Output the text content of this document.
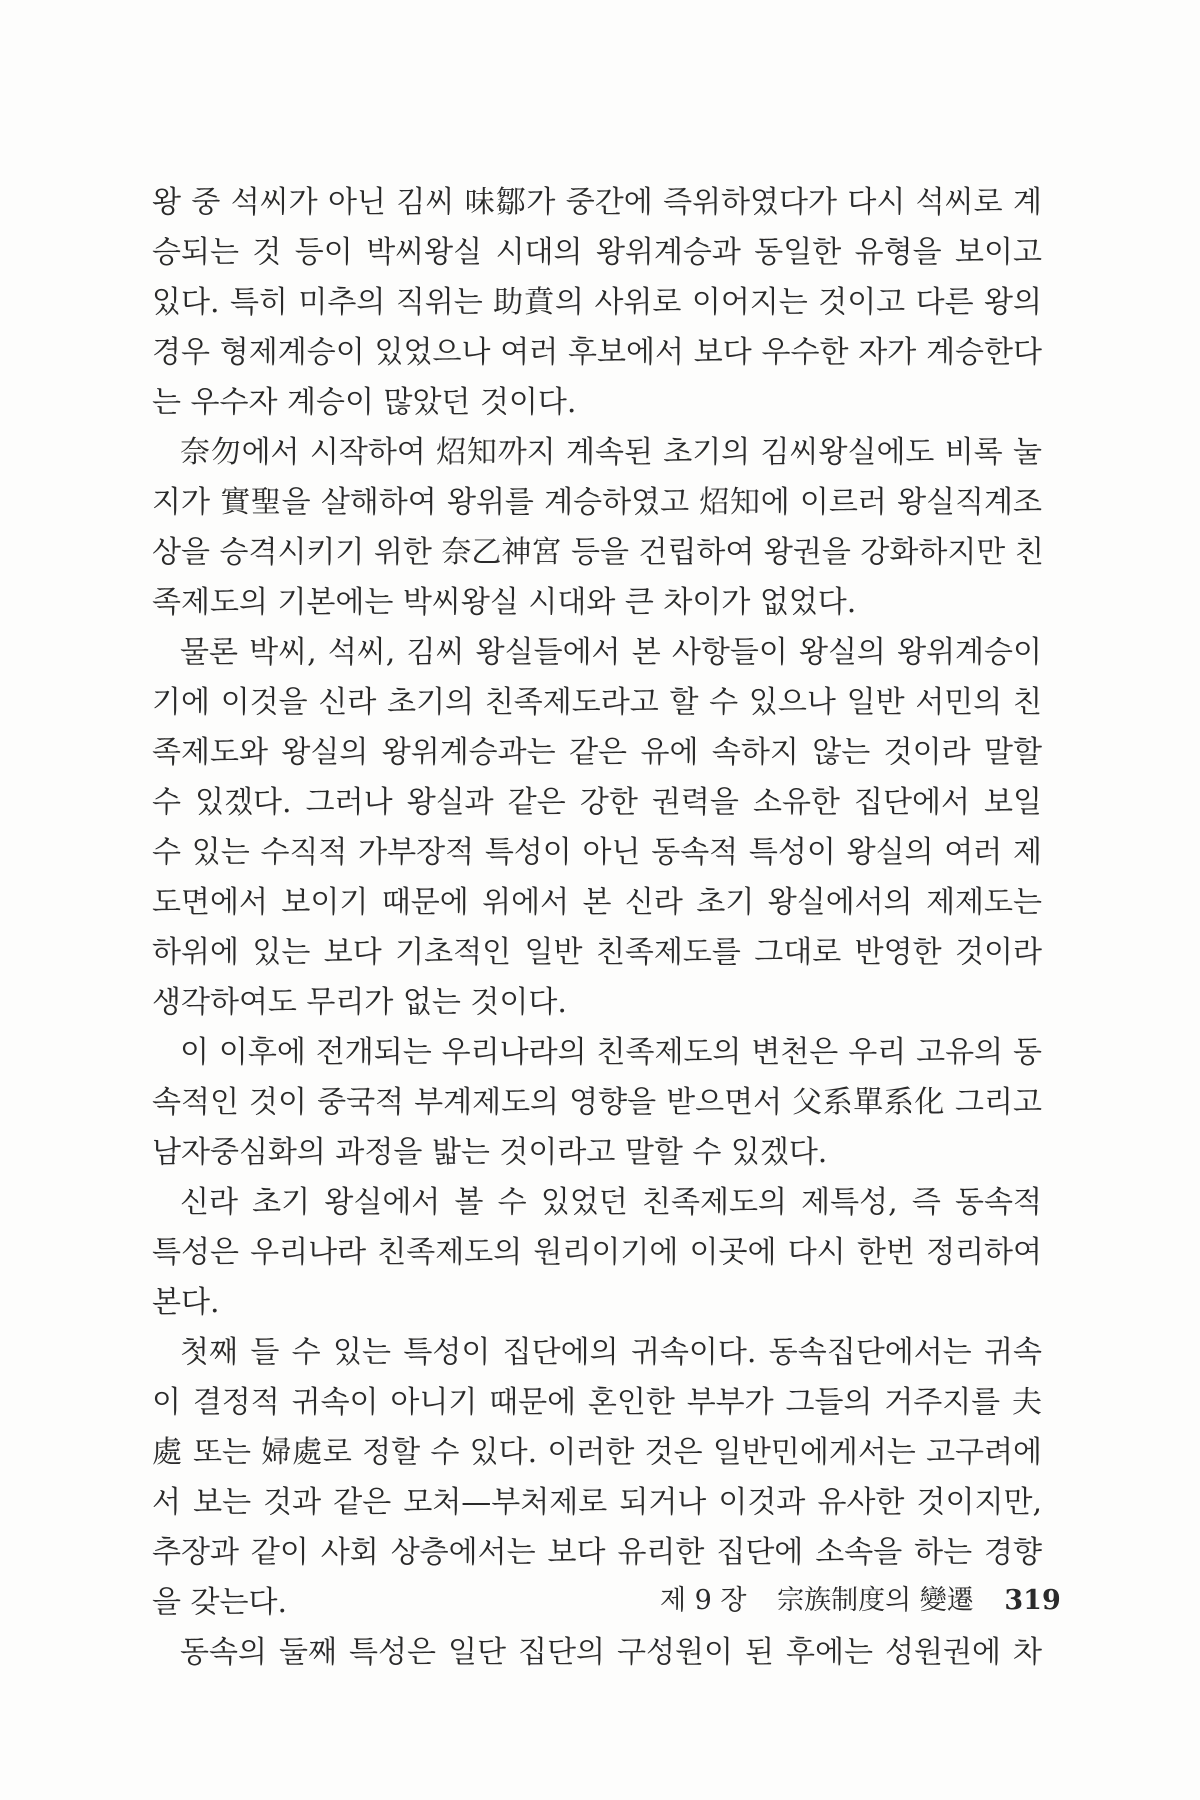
왕 중 석씨가 아닌 김씨 味鄒가 중간에 즉위하였다가 다시 석씨로 계
승되는 것 등이 박씨왕실 시대의 왕위계승과 동일한 유형을 보이고
있다. 특히 미추의 직위는 助賁의 사위로 이어지는 것이고 다른 왕의
경우 형제계승이 있었으나 여러 후보에서 보다 우수한 자가 계승한다
는 우수자 계승이 많았던 것이다.

奈勿에서 시작하여 炤知까지 계속된 초기의 김씨왕실에도 비록 눌
지가 實聖을 살해하여 왕위를 계승하였고 炤知에 이르러 왕실직계조
상을 승격시키기 위한 奈乙神宮 등을 건립하여 왕권을 강화하지만 친
족제도의 기본에는 박씨왕실 시대와 큰 차이가 없었다.

물론 박씨, 석씨, 김씨 왕실들에서 본 사항들이 왕실의 왕위계승이
기에 이것을 신라 초기의 친족제도라고 할 수 있으나 일반 서민의 친
족제도와 왕실의 왕위계승과는 같은 유에 속하지 않는 것이라 말할
수 있겠다. 그러나 왕실과 같은 강한 권력을 소유한 집단에서 보일
수 있는 수직적 가부장적 특성이 아닌 동속적 특성이 왕실의 여러 제
도면에서 보이기 때문에 위에서 본 신라 초기 왕실에서의 제제도는
하위에 있는 보다 기초적인 일반 친족제도를 그대로 반영한 것이라
생각하여도 무리가 없는 것이다.

이 이후에 전개되는 우리나라의 친족제도의 변천은 우리 고유의 동
속적인 것이 중국적 부계제도의 영향을 받으면서 父系單系化 그리고
남자중심화의 과정을 밟는 것이라고 말할 수 있겠다.

신라 초기 왕실에서 볼 수 있었던 친족제도의 제특성, 즉 동속적
특성은 우리나라 친족제도의 원리이기에 이곳에 다시 한번 정리하여
본다.

첫째 들 수 있는 특성이 집단에의 귀속이다. 동속집단에서는 귀속
이 결정적 귀속이 아니기 때문에 혼인한 부부가 그들의 거주지를 夫
處 또는 婦處로 정할 수 있다. 이러한 것은 일반민에게서는 고구려에
서 보는 것과 같은 모처—부처제로 되거나 이것과 유사한 것이지만,
추장과 같이 사회 상층에서는 보다 유리한 집단에 소속을 하는 경향
을 갖는다.

동속의 둘째 특성은 일단 집단의 구성원이 된 후에는 성원권에 차

제 9 장 宗族制度의 變遷 319
